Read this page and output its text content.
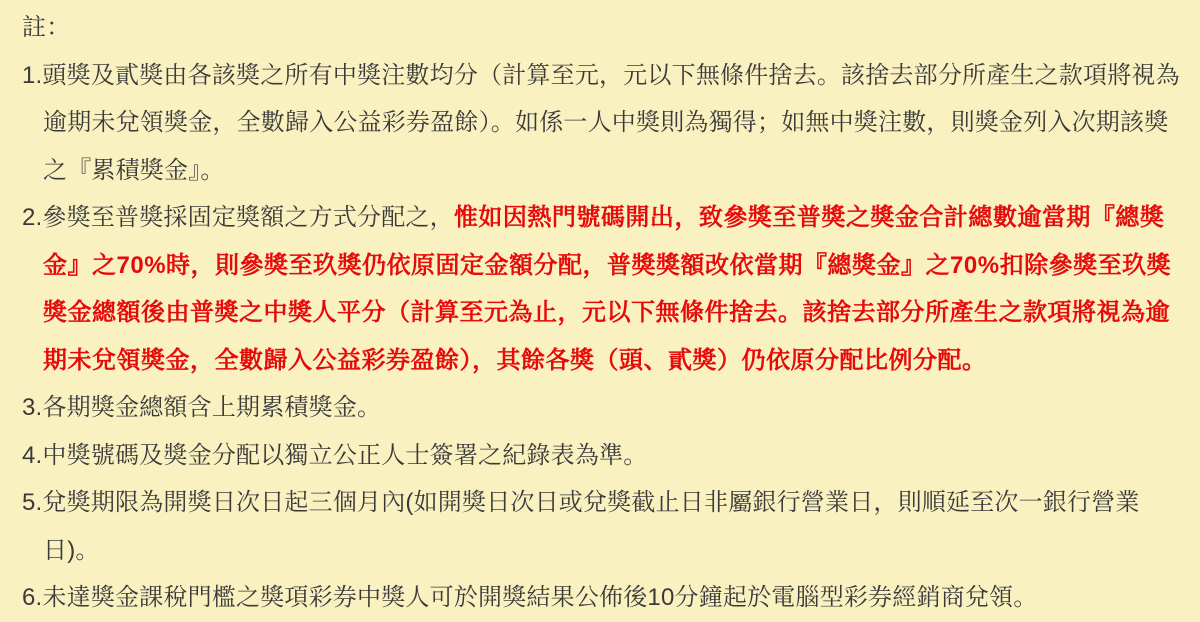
註：
1.頭獎及貳獎由各該獎之所有中獎注數均分（計算至元，元以下無條件捨去。該捨去部分所產生之款項將視為逾期未兌領獎金，全數歸入公益彩券盈餘）。如係一人中獎則為獨得；如無中獎注數，則獎金列入次期該獎之『累積獎金』。
2.參獎至普獎採固定獎額之方式分配之，惟如因熱門號碼開出，致參獎至普獎之獎金合計總數逾當期『總獎金』之70%時，則參獎至玖獎仍依原固定金額分配，普獎獎額改依當期『總獎金』之70%扣除參獎至玖獎獎金總額後由普獎之中獎人平分（計算至元為止，元以下無條件捨去。該捨去部分所產生之款項將視為逾期未兌領獎金，全數歸入公益彩券盈餘），其餘各獎（頭、貳獎）仍依原分配比例分配。
3.各期獎金總額含上期累積獎金。
4.中獎號碼及獎金分配以獨立公正人士簽署之紀錄表為準。
5.兌獎期限為開獎日次日起三個月內(如開獎日次日或兌獎截止日非屬銀行營業日，則順延至次一銀行營業日)。
6.未達獎金課稅門檻之獎項彩券中獎人可於開獎結果公佈後10分鐘起於電腦型彩券經銷商兌領。
